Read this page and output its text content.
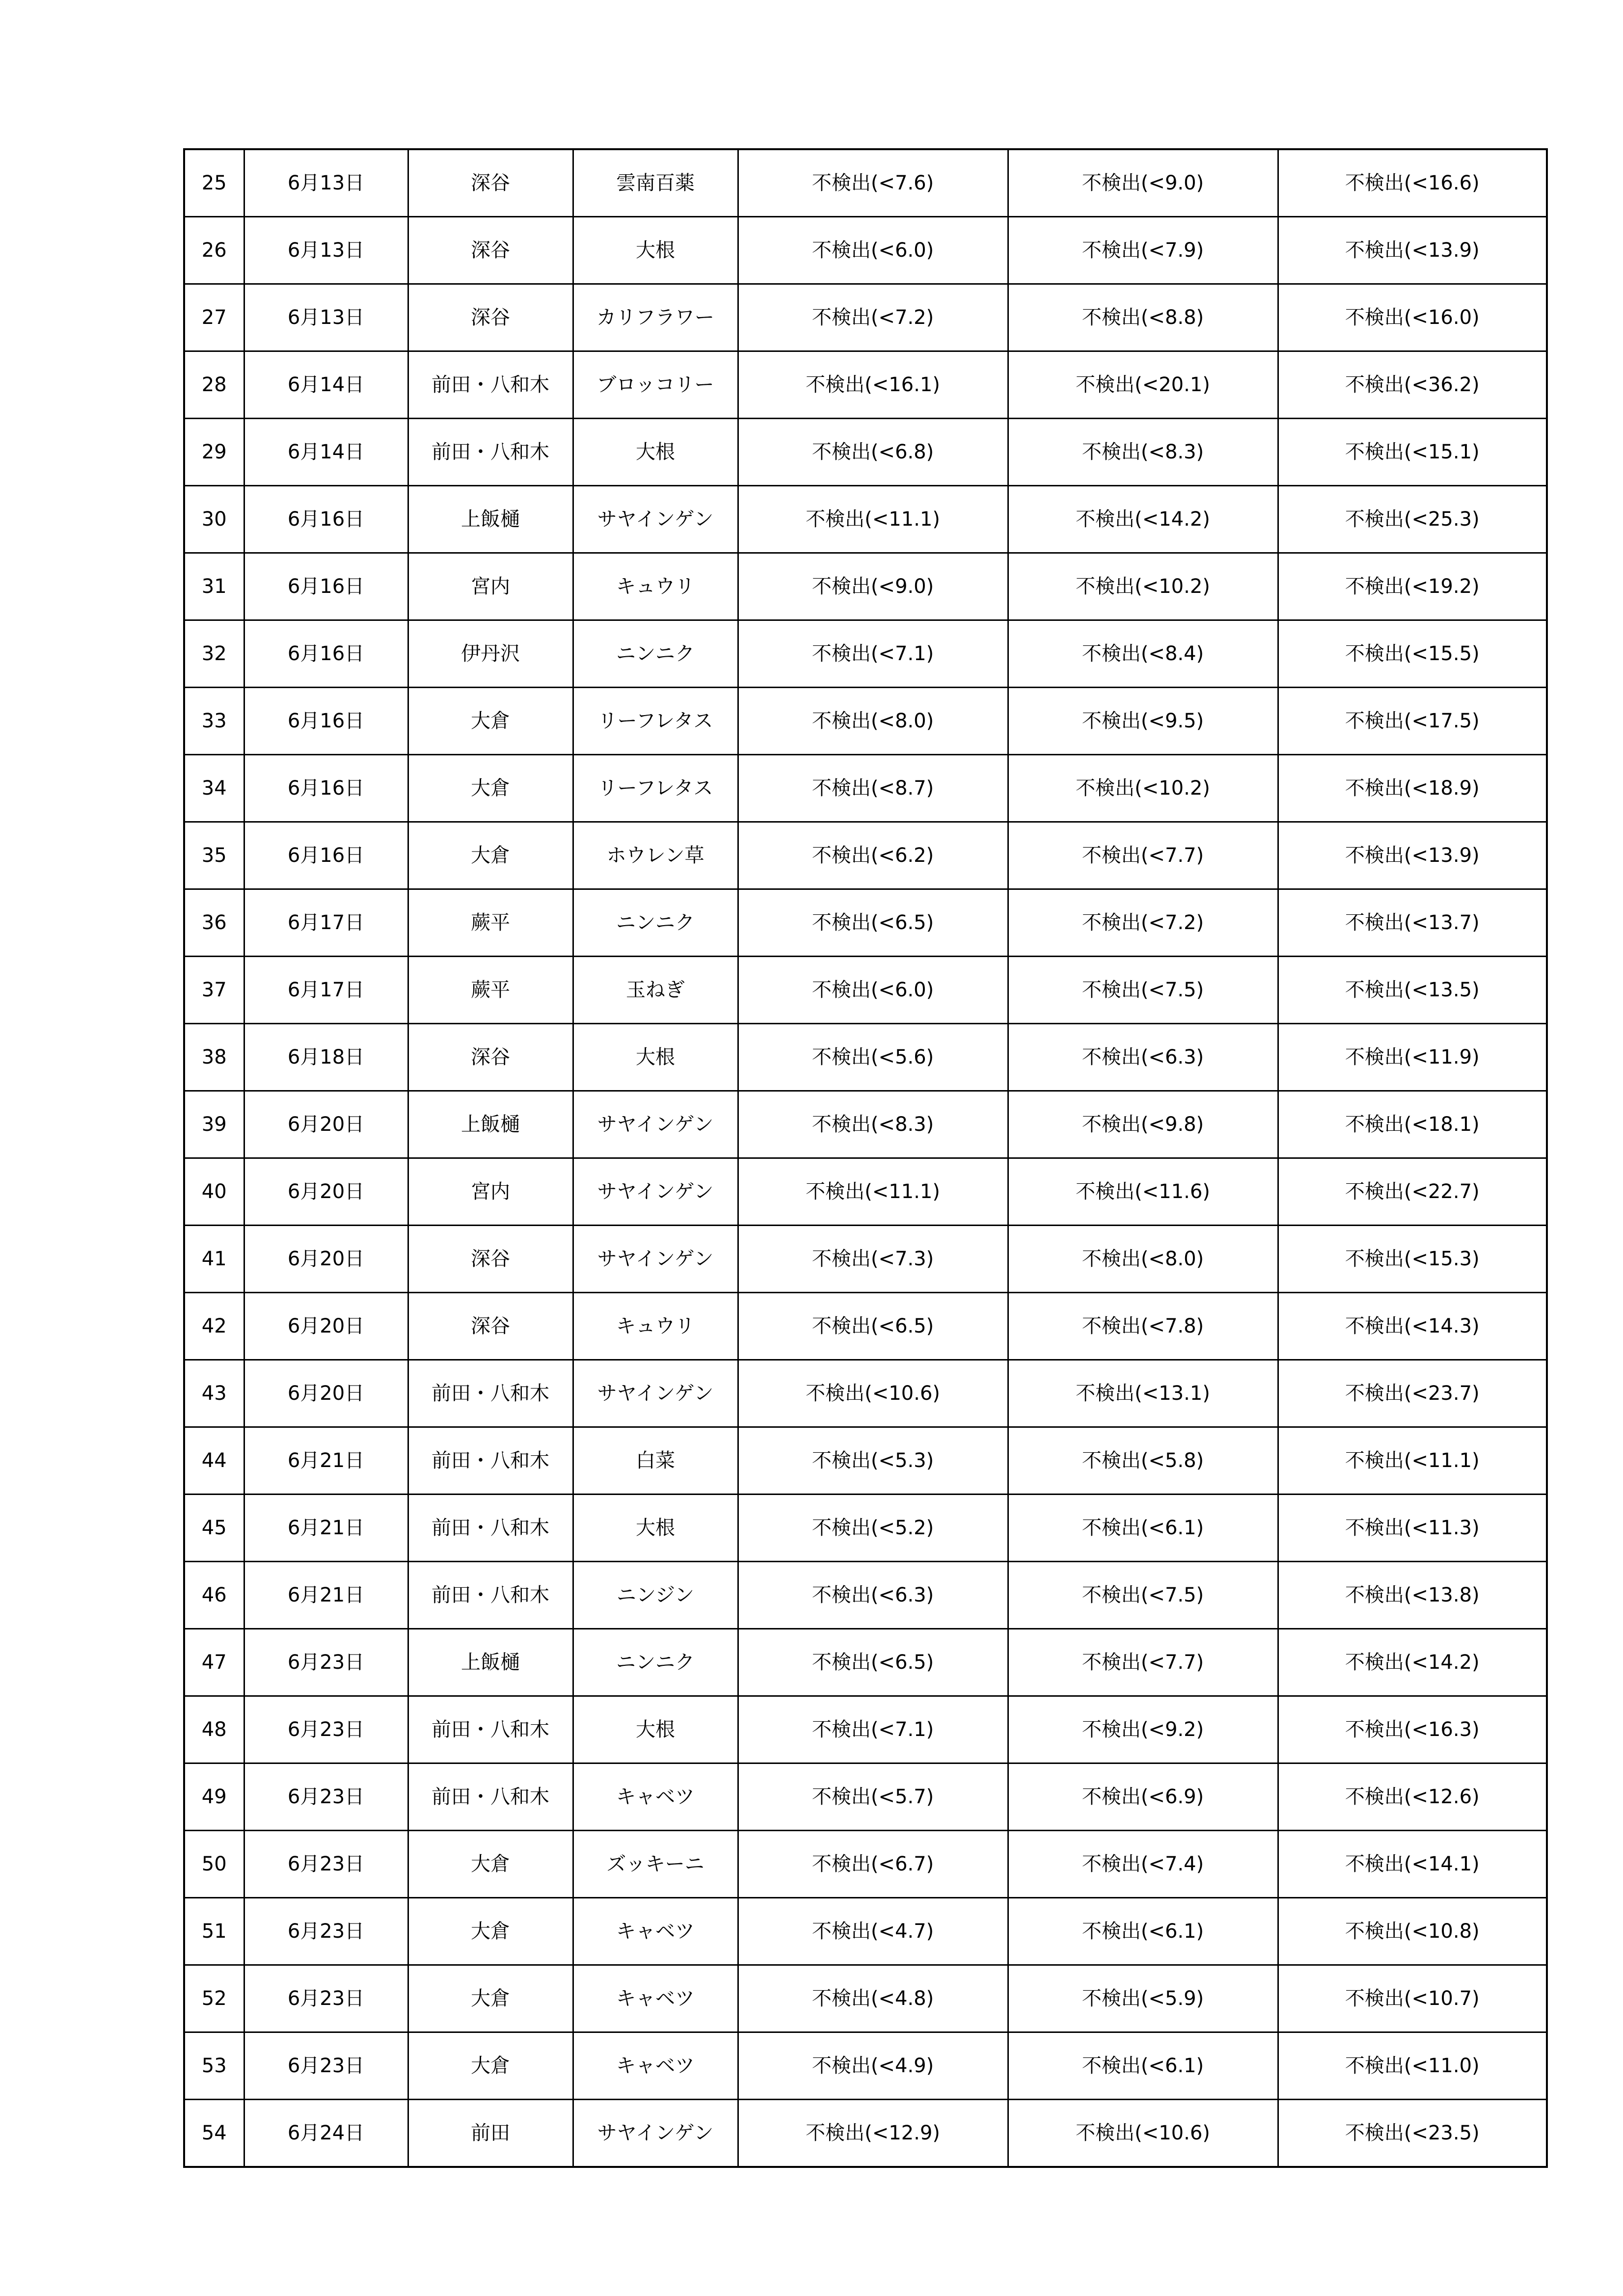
25	6月13日	深谷	雲南百薬	不検出(<7.6)	不検出(<9.0)	不検出(<16.6)
26	6月13日	深谷	大根	不検出(<6.0)	不検出(<7.9)	不検出(<13.9)
27	6月13日	深谷	カリフラワー	不検出(<7.2)	不検出(<8.8)	不検出(<16.0)
28	6月14日	前田・八和木	ブロッコリー	不検出(<16.1)	不検出(<20.1)	不検出(<36.2)
29	6月14日	前田・八和木	大根	不検出(<6.8)	不検出(<8.3)	不検出(<15.1)
30	6月16日	上飯樋	サヤインゲン	不検出(<11.1)	不検出(<14.2)	不検出(<25.3)
31	6月16日	宮内	キュウリ	不検出(<9.0)	不検出(<10.2)	不検出(<19.2)
32	6月16日	伊丹沢	ニンニク	不検出(<7.1)	不検出(<8.4)	不検出(<15.5)
33	6月16日	大倉	リーフレタス	不検出(<8.0)	不検出(<9.5)	不検出(<17.5)
34	6月16日	大倉	リーフレタス	不検出(<8.7)	不検出(<10.2)	不検出(<18.9)
35	6月16日	大倉	ホウレン草	不検出(<6.2)	不検出(<7.7)	不検出(<13.9)
36	6月17日	蕨平	ニンニク	不検出(<6.5)	不検出(<7.2)	不検出(<13.7)
37	6月17日	蕨平	玉ねぎ	不検出(<6.0)	不検出(<7.5)	不検出(<13.5)
38	6月18日	深谷	大根	不検出(<5.6)	不検出(<6.3)	不検出(<11.9)
39	6月20日	上飯樋	サヤインゲン	不検出(<8.3)	不検出(<9.8)	不検出(<18.1)
40	6月20日	宮内	サヤインゲン	不検出(<11.1)	不検出(<11.6)	不検出(<22.7)
41	6月20日	深谷	サヤインゲン	不検出(<7.3)	不検出(<8.0)	不検出(<15.3)
42	6月20日	深谷	キュウリ	不検出(<6.5)	不検出(<7.8)	不検出(<14.3)
43	6月20日	前田・八和木	サヤインゲン	不検出(<10.6)	不検出(<13.1)	不検出(<23.7)
44	6月21日	前田・八和木	白菜	不検出(<5.3)	不検出(<5.8)	不検出(<11.1)
45	6月21日	前田・八和木	大根	不検出(<5.2)	不検出(<6.1)	不検出(<11.3)
46	6月21日	前田・八和木	ニンジン	不検出(<6.3)	不検出(<7.5)	不検出(<13.8)
47	6月23日	上飯樋	ニンニク	不検出(<6.5)	不検出(<7.7)	不検出(<14.2)
48	6月23日	前田・八和木	大根	不検出(<7.1)	不検出(<9.2)	不検出(<16.3)
49	6月23日	前田・八和木	キャベツ	不検出(<5.7)	不検出(<6.9)	不検出(<12.6)
50	6月23日	大倉	ズッキーニ	不検出(<6.7)	不検出(<7.4)	不検出(<14.1)
51	6月23日	大倉	キャベツ	不検出(<4.7)	不検出(<6.1)	不検出(<10.8)
52	6月23日	大倉	キャベツ	不検出(<4.8)	不検出(<5.9)	不検出(<10.7)
53	6月23日	大倉	キャベツ	不検出(<4.9)	不検出(<6.1)	不検出(<11.0)
54	6月24日	前田	サヤインゲン	不検出(<12.9)	不検出(<10.6)	不検出(<23.5)
